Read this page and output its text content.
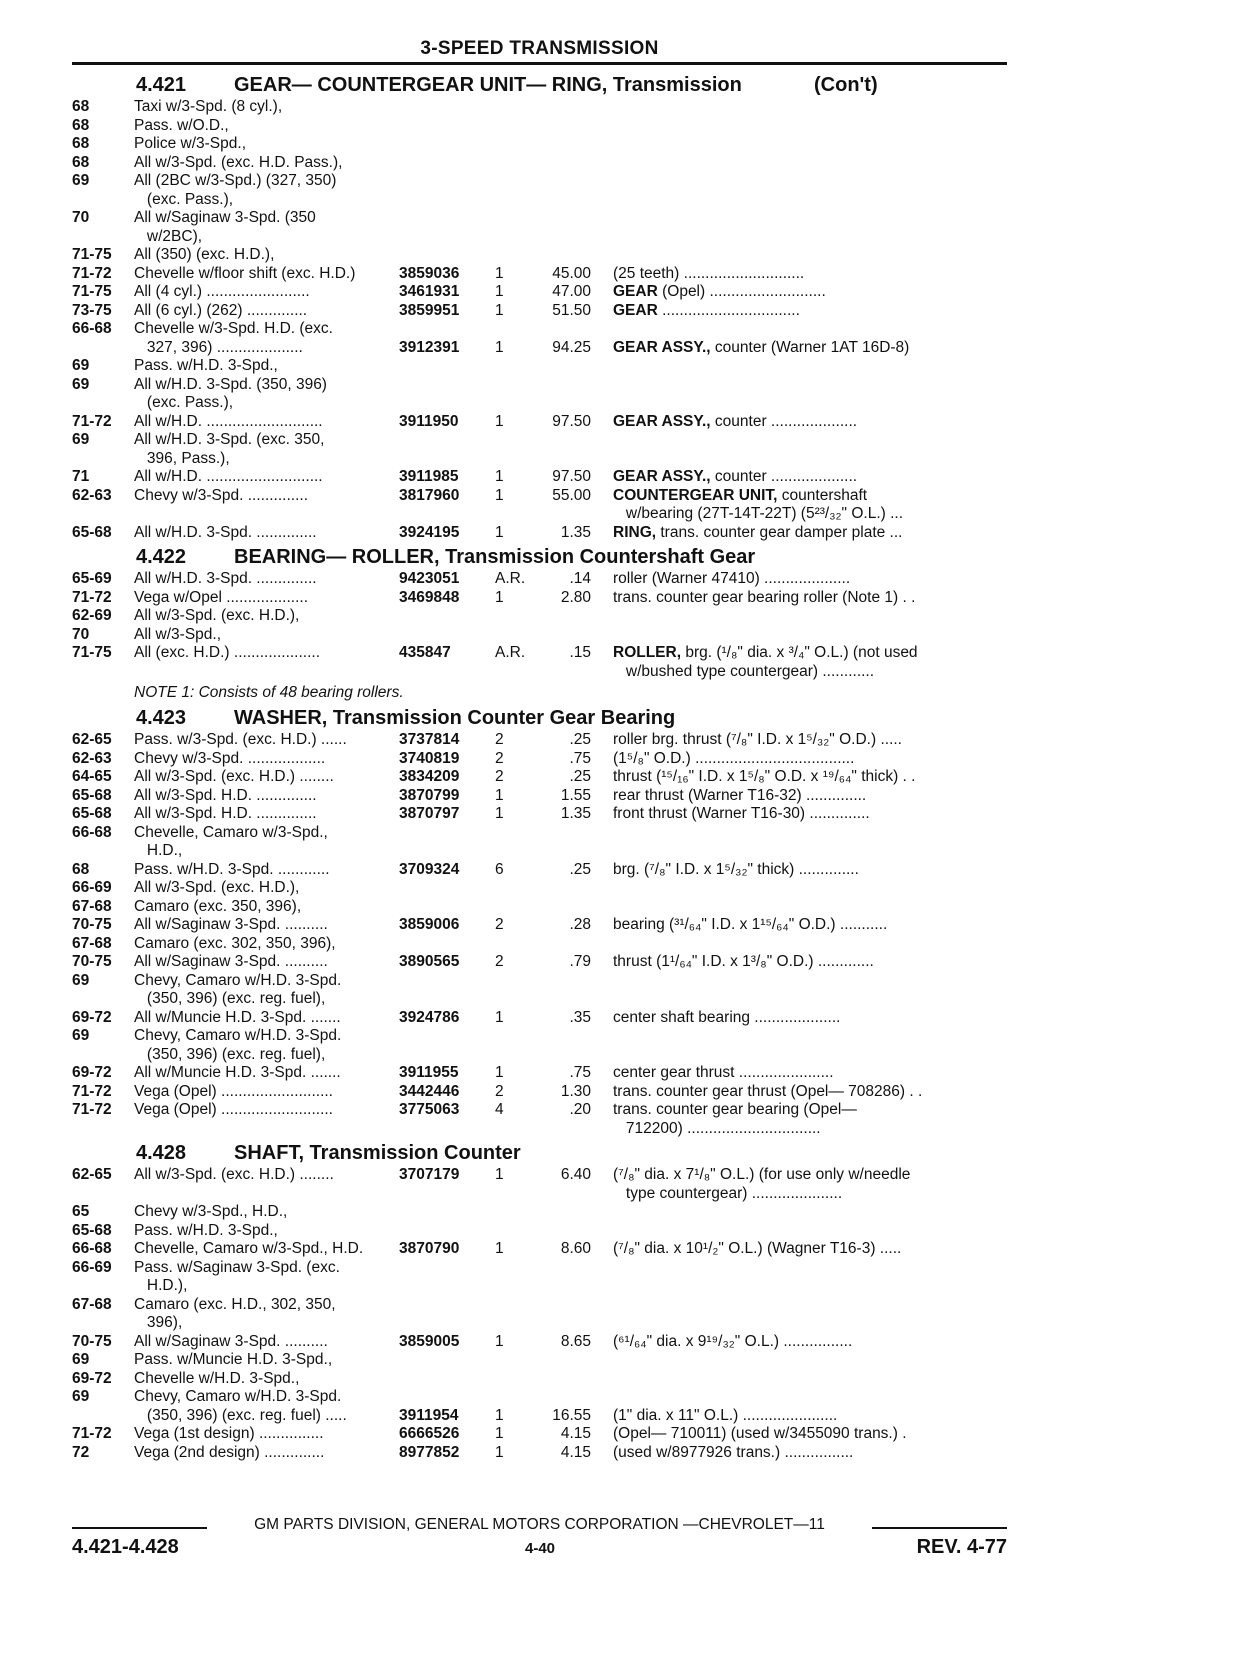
3-SPEED TRANSMISSION
4.421 GEAR— COUNTERGEAR UNIT— RING, Transmission	(Con't)
68	Taxi w/3-Spd. (8 cyl.),
68	Pass. w/O.D.,
68	Police w/3-Spd.,
68	All w/3-Spd. (exc. H.D. Pass.),
69	All (2BC w/3-Spd.) (327, 350)
(exc. Pass.),
70	All w/Saginaw 3-Spd. (350
w/2BC),
71-75	All (350) (exc. H.D.),
71-72	Chevelle w/floor shift (exc. H.D.)	3859036	1	45.00 (25 teeth) ............................
71-75	All (4 cyl.) ........................	3461931	1	47.00 GEAR (Opel) ...........................
73-75	All (6 cyl.) (262) ..............	3859951	1	51.50 GEAR ................................
66-68	Chevelle w/3-Spd. H.D. (exc.
327, 396) ....................	3912391	1	94.25 GEAR ASSY., counter (Warner 1AT 16D-8)
69	Pass. w/H.D. 3-Spd.,
69	All w/H.D. 3-Spd. (350, 396)
(exc. Pass.),
71-72	All w/H.D. ...........................	3911950	1	97.50 GEAR ASSY., counter ....................
69	All w/H.D. 3-Spd. (exc. 350,
396, Pass.),
71	All w/H.D. ...........................	3911985	1	97.50 GEAR ASSY., counter ....................
62-63	Chevy w/3-Spd. ..............	3817960	1	55.00 COUNTERGEAR UNIT, countershaft
w/bearing (27T-14T-22T) (5²³/₃₂" O.L.) ...
65-68	All w/H.D. 3-Spd. ..............	3924195	1	1.35 RING, trans. counter gear damper plate ...
4.422 BEARING— ROLLER, Transmission Countershaft Gear
65-69	All w/H.D. 3-Spd. ..............	9423051	A.R.	.14 roller (Warner 47410) ....................
71-72	Vega w/Opel ...................	3469848	1	2.80 trans. counter gear bearing roller (Note 1) . .
62-69	All w/3-Spd. (exc. H.D.),
70	All w/3-Spd.,
71-75	All (exc. H.D.) ....................	435847	A.R.	.15 ROLLER, brg. (¹/₈" dia. x ³/₄" O.L.) (not used
w/bushed type countergear) ............
NOTE 1: Consists of 48 bearing rollers.
4.423 WASHER, Transmission Counter Gear Bearing
62-65	Pass. w/3-Spd. (exc. H.D.) ......	3737814	2	.25 roller brg. thrust (⁷/₈" I.D. x 1⁵/₃₂" O.D.) .....
62-63	Chevy w/3-Spd. ..................	3740819	2	.75 (1⁵/₈" O.D.) .....................................
64-65	All w/3-Spd. (exc. H.D.) ........	3834209	2	.25 thrust (¹⁵/₁₆" I.D. x 1⁵/₈" O.D. x ¹⁹/₆₄" thick) . .
65-68	All w/3-Spd. H.D. ..............	3870799	1	1.55 rear thrust (Warner T16-32) ..............
65-68	All w/3-Spd. H.D. ..............	3870797	1	1.35 front thrust (Warner T16-30) ..............
66-68	Chevelle, Camaro w/3-Spd.,
H.D.,
68	Pass. w/H.D. 3-Spd. ............	3709324	6	.25 brg. (⁷/₈" I.D. x 1⁵/₃₂" thick) ..............
66-69	All w/3-Spd. (exc. H.D.),
67-68	Camaro (exc. 350, 396),
70-75	All w/Saginaw 3-Spd. ..........	3859006	2	.28 bearing (³¹/₆₄" I.D. x 1¹⁵/₆₄" O.D.) ...........
67-68	Camaro (exc. 302, 350, 396),
70-75	All w/Saginaw 3-Spd. ..........	3890565	2	.79 thrust (1¹/₆₄" I.D. x 1³/₈" O.D.) .............
69	Chevy, Camaro w/H.D. 3-Spd.
(350, 396) (exc. reg. fuel),
69-72	All w/Muncie H.D. 3-Spd. .......	3924786	1	.35 center shaft bearing ....................
69	Chevy, Camaro w/H.D. 3-Spd.
(350, 396) (exc. reg. fuel),
69-72	All w/Muncie H.D. 3-Spd. .......	3911955	1	.75 center gear thrust ......................
71-72	Vega (Opel) ..........................	3442446	2	1.30 trans. counter gear thrust (Opel— 708286) . .
71-72	Vega (Opel) ..........................	3775063	4	.20 trans. counter gear bearing (Opel—
712200) ...............................
4.428 SHAFT, Transmission Counter
62-65	All w/3-Spd. (exc. H.D.) ........	3707179	1	6.40 (⁷/₈" dia. x 7¹/₈" O.L.) (for use only w/needle
type countergear) .....................
65	Chevy w/3-Spd., H.D.,
65-68	Pass. w/H.D. 3-Spd.,
66-68	Chevelle, Camaro w/3-Spd., H.D.	3870790	1	8.60 (⁷/₈" dia. x 10¹/₂" O.L.) (Wagner T16-3) .....
66-69	Pass. w/Saginaw 3-Spd. (exc.
H.D.),
67-68	Camaro (exc. H.D., 302, 350,
396),
70-75	All w/Saginaw 3-Spd. ..........	3859005	1	8.65 (⁶¹/₆₄" dia. x 9¹⁹/₃₂" O.L.) ................
69	Pass. w/Muncie H.D. 3-Spd.,
69-72	Chevelle w/H.D. 3-Spd.,
69	Chevy, Camaro w/H.D. 3-Spd.
(350, 396) (exc. reg. fuel) .....	3911954	1	16.55 (1" dia. x 11" O.L.) ......................
71-72	Vega (1st design) ...............	6666526	1	4.15 (Opel— 710011) (used w/3455090 trans.) .
72	Vega (2nd design) ..............	8977852	1	4.15 (used w/8977926 trans.) ................
GM PARTS DIVISION, GENERAL MOTORS CORPORATION —CHEVROLET—11
4.421-4.428	4-40	REV. 4-77
